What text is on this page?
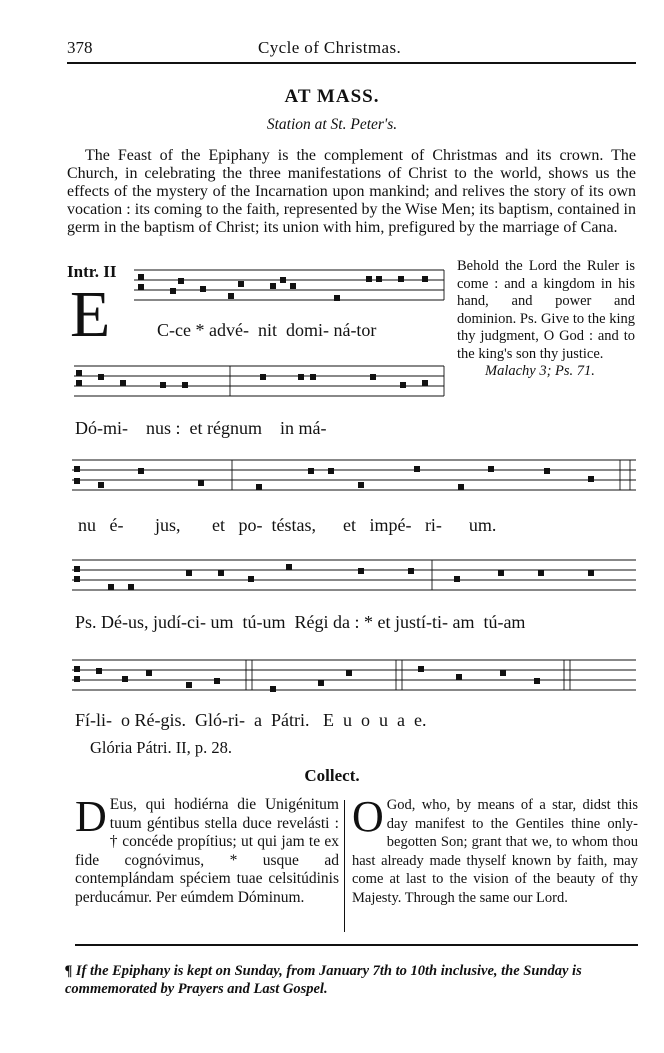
378	Cycle of Christmas.
AT MASS.
Station at St. Peter's.

The Feast of the Epiphany is the complement of Christmas and its crown. The Church, in celebrating the three manifestations of Christ to the world, shows us the effects of the mystery of the Incarnation upon mankind; and relives the story of its own vocation : its coming to the faith, represented by the Wise Men; its baptism, contained in germ in the baptism of Christ; its union with him, prefigured by the marriage of Cana.

Intr. II
E	C-ce * advé-  nit  domi- ná-tor
Dó-mi-    nus :  et régnum    in má-
Behold the Lord the Ruler is come : and a kingdom in his hand, and power and dominion. Ps. Give to the king thy judgment, O God : and to the king's son thy justice.
Malachy 3; Ps. 71.
nu   é-       jus,       et   po-  téstas,      et   impé-   ri-      um.
Ps. Dé-us, judí-ci- um  tú-um  Régi da : * et justí-ti- am  tú-am
Fí-li-  o Ré-gis.  Gló-ri-  a  Pátri.   E  u  o  u  a  e.
Glória Pátri. II, p. 28.
Collect.
D Eus, qui hodiérna die Unigénitum tuum géntibus stella duce revelásti : † concéde propítius; ut qui jam te ex fide cognóvimus, * usque ad contemplándam spéciem tuae celsitúdinis perducámur. Per eúmdem Dóminum.
O God, who, by means of a star, didst this day manifest to the Gentiles thine only-begotten Son; grant that we, to whom thou hast already made thyself known by faith, may come at last to the vision of the beauty of thy Majesty. Through the same our Lord.
¶ If the Epiphany is kept on Sunday, from January 7th to 10th inclusive, the Sunday is commemorated by Prayers and Last Gospel.
